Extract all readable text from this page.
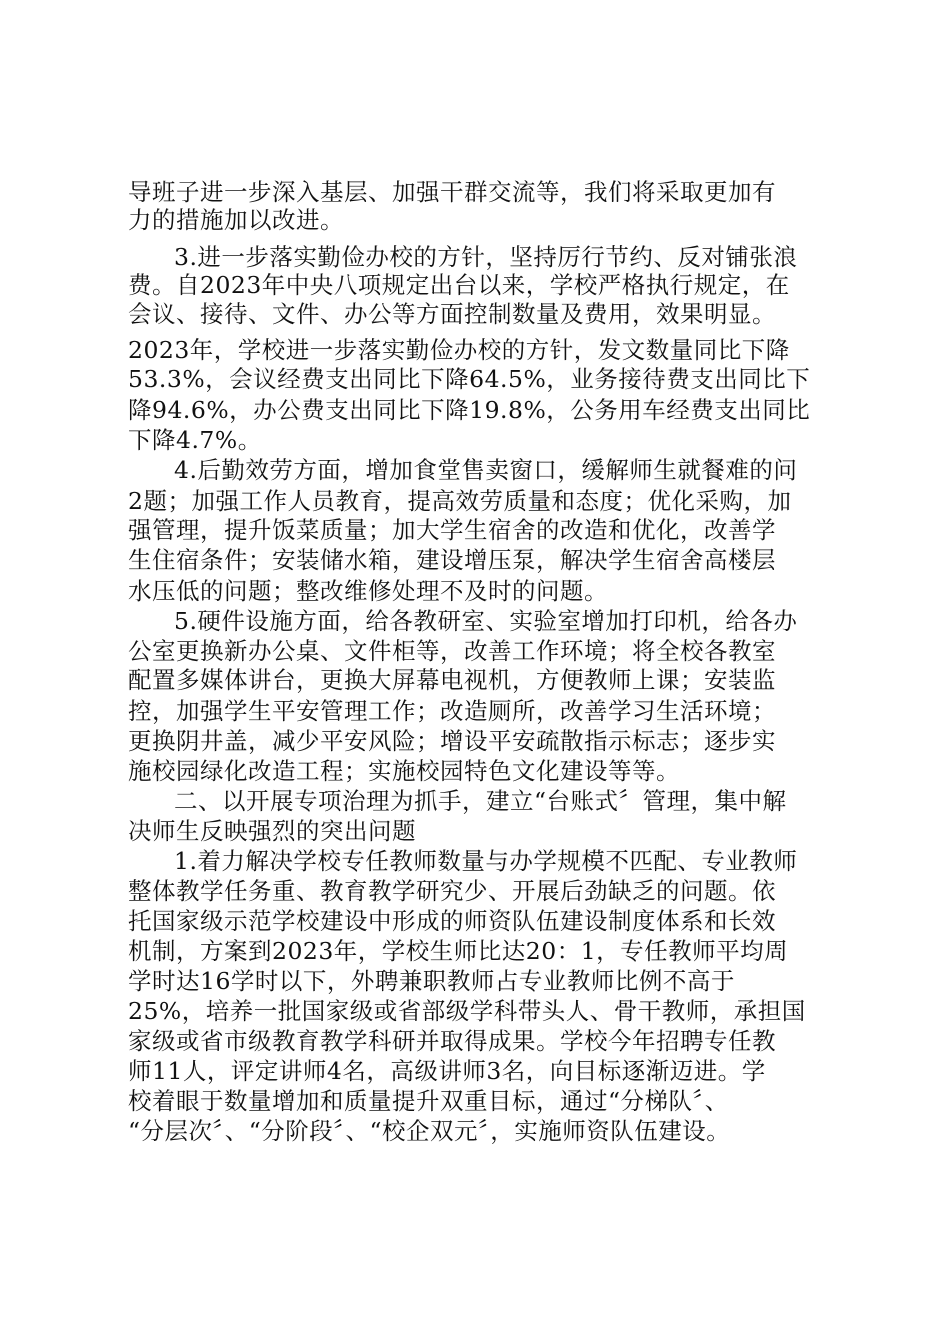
导班子进一步深入基层、加强干群交流等，我们将采取更加有
力的措施加以改进。
3.进一步落实勤俭办校的方针，坚持厉行节约、反对铺张浪
费。自2023年中央八项规定出台以来，学校严格执行规定，在
会议、接待、文件、办公等方面控制数量及费用，效果明显。
2023年，学校进一步落实勤俭办校的方针，发文数量同比下降
53.3%，会议经费支出同比下降64.5%，业务接待费支出同比下
降94.6%，办公费支出同比下降19.8%，公务用车经费支出同比
下降4.7%。
4.后勤效劳方面，增加食堂售卖窗口，缓解师生就餐难的问
2题；加强工作人员教育，提高效劳质量和态度；优化采购，加
强管理，提升饭菜质量；加大学生宿舍的改造和优化，改善学
生住宿条件；安装储水箱，建设增压泵，解决学生宿舍高楼层
水压低的问题；整改维修处理不及时的问题。
5.硬件设施方面，给各教研室、实验室增加打印机，给各办
公室更换新办公桌、文件柜等，改善工作环境；将全校各教室
配置多媒体讲台，更换大屏幕电视机，方便教师上课；安装监
控，加强学生平安管理工作；改造厕所，改善学习生活环境；
更换阴井盖，减少平安风险；增设平安疏散指示标志；逐步实
施校园绿化改造工程；实施校园特色文化建设等等。
二、以开展专项治理为抓手，建立“台账式〞管理，集中解
决师生反映强烈的突出问题
1.着力解决学校专任教师数量与办学规模不匹配、专业教师
整体教学任务重、教育教学研究少、开展后劲缺乏的问题。依
托国家级示范学校建设中形成的师资队伍建设制度体系和长效
机制，方案到2023年，学校生师比达20：1，专任教师平均周
学时达16学时以下，外聘兼职教师占专业教师比例不高于
25%，培养一批国家级或省部级学科带头人、骨干教师，承担国
家级或省市级教育教学科研并取得成果。学校今年招聘专任教
师11人，评定讲师4名，高级讲师3名，向目标逐渐迈进。学
校着眼于数量增加和质量提升双重目标，通过“分梯队〞、
“分层次〞、“分阶段〞、“校企双元〞，实施师资队伍建设。
